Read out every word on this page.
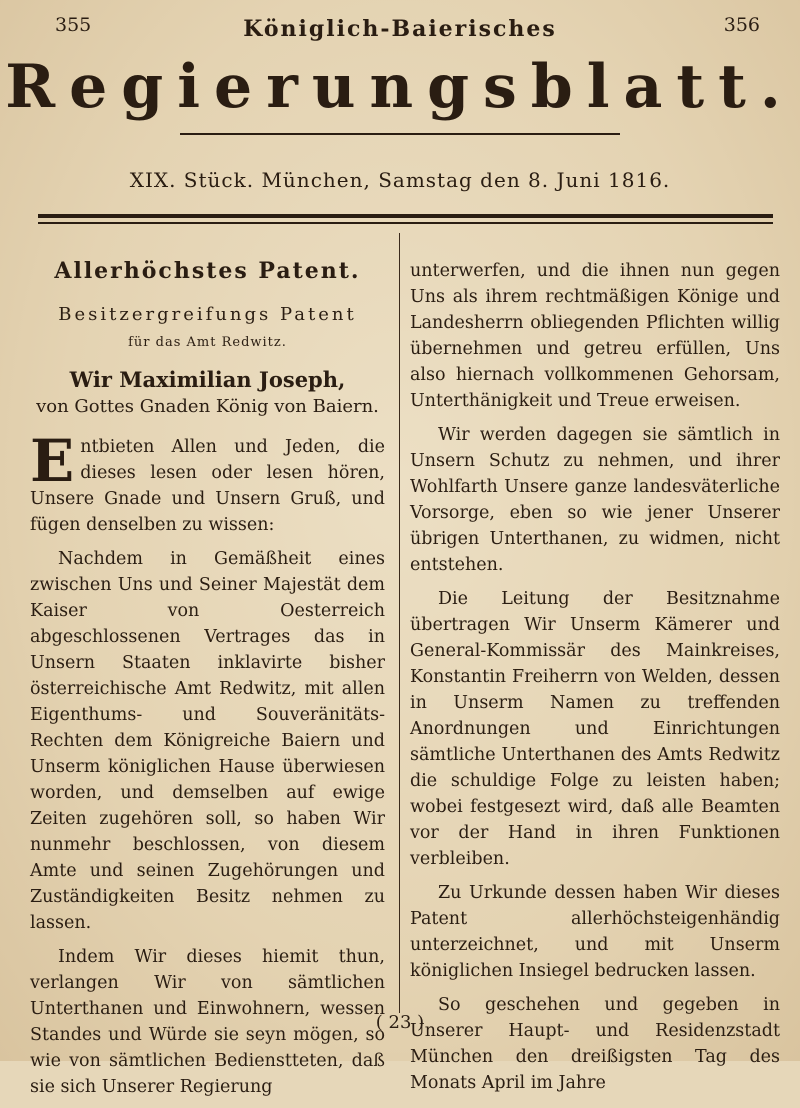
355	356
Königlich-Baierisches
Regierungsblatt.
XIX. Stück. München, Samstag den 8. Juni 1816.

Allerhöchstes Patent.

Besitzergreifungs Patent

für das Amt Redwitz.

Wir Maximilian Joseph,

von Gottes Gnaden König von Baiern.

Entbieten Allen und Jeden, die dieses lesen oder lesen hören, Unsere Gnade und Unsern Gruß, und fügen denselben zu wissen:

Nachdem in Gemäßheit eines zwischen Uns und Seiner Majestät dem Kaiser von Oesterreich abgeschlossenen Vertrages das in Unsern Staaten inklavirte bisher österreichische Amt Redwitz, mit allen Eigenthums- und Souveränitäts-Rechten dem Königreiche Baiern und Unserm königlichen Hause überwiesen worden, und demselben auf ewige Zeiten zugehören soll, so haben Wir nunmehr beschlossen, von diesem Amte und seinen Zugehörungen und Zuständigkeiten Besitz nehmen zu lassen.

Indem Wir dieses hiemit thun, verlangen Wir von sämtlichen Unterthanen und Einwohnern, wessen Standes und Würde sie seyn mögen, so wie von sämtlichen Bedienstteten, daß sie sich Unserer Regierung

unterwerfen, und die ihnen nun gegen Uns als ihrem rechtmäßigen Könige und Landesherrn obliegenden Pflichten willig übernehmen und getreu erfüllen, Uns also hiernach vollkommenen Gehorsam, Unterthänigkeit und Treue erweisen.

Wir werden dagegen sie sämtlich in Unsern Schutz zu nehmen, und ihrer Wohlfarth Unsere ganze landesväterliche Vorsorge, eben so wie jener Unserer übrigen Unterthanen, zu widmen, nicht entstehen.

Die Leitung der Besitznahme übertragen Wir Unserm Kämerer und General-Kommissär des Mainkreises, Konstantin Freiherrn von Welden, dessen in Unserm Namen zu treffenden Anordnungen und Einrichtungen sämtliche Unterthanen des Amts Redwitz die schuldige Folge zu leisten haben; wobei festgesezt wird, daß alle Beamten vor der Hand in ihren Funktionen verbleiben.

Zu Urkunde dessen haben Wir dieses Patent allerhöchsteigenhändig unterzeichnet, und mit Unserm königlichen Insiegel bedrucken lassen.

So geschehen und gegeben in Unserer Haupt- und Residenzstadt München den dreißigsten Tag des Monats April im Jahre

( 23 )
